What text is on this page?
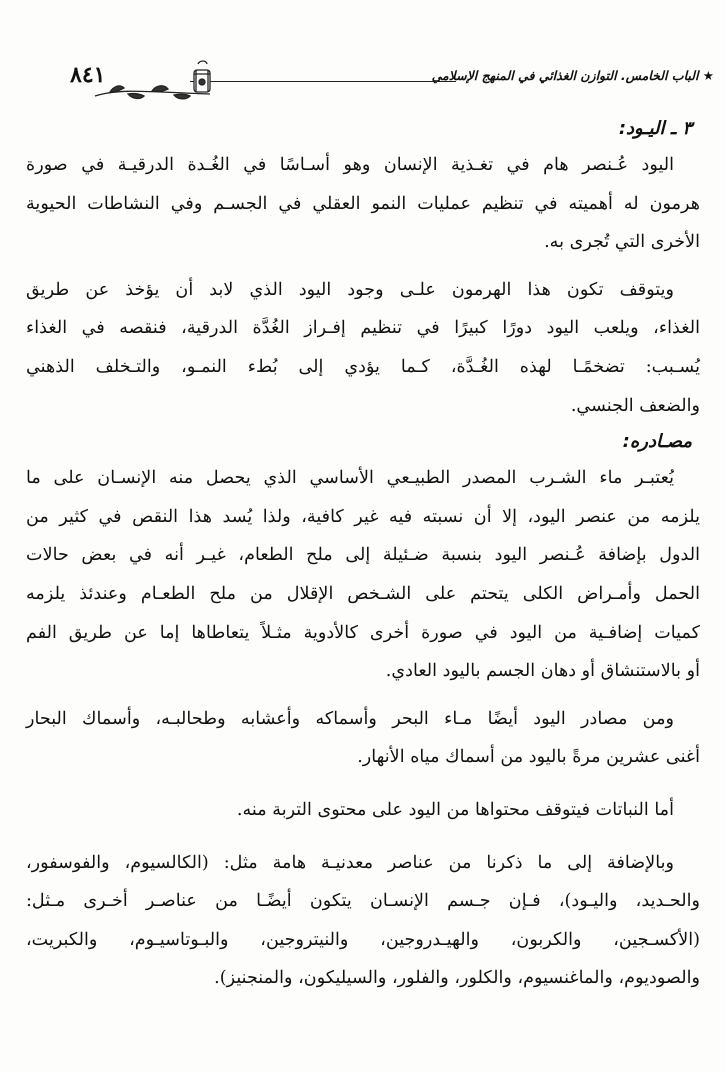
★ الباب الخامس. التوازن الغذائي في المنهج الإسلامي
٨٤١
٣ ـ اليـود:

اليود عُـنصر هام في تغـذية الإنسان وهو أسـاسًا في الغُـدة الدرقيـة في صورة
هرمون له أهميته في تنظيم عمليات النمو العقلي في الجسـم وفي النشاطات الحيوية
الأخرى التي تُجرى به.

ويتوقف تكون هذا الهرمون علـى وجود اليود الذي لابد أن يؤخذ عن طريق
الغذاء، ويلعب اليود دورًا كبيرًا في تنظيم إفـراز الغُدَّة الدرقية، فنقصه في الغذاء
يُسـبب: تضخمًـا لهذه الغُـدَّة، كـما يؤدي إلى بُطء النمـو، والتـخلف الذهني
والضعف الجنسي.

مصـادره:

يُعتبـر ماء الشـرب المصدر الطبيـعي الأساسي الذي يحصل منه الإنسـان على ما
يلزمه من عنصر اليود، إلا أن نسبته فيه غير كافية، ولذا يُسد هذا النقص في كثير من
الدول بإضافة عُـنصر اليود بنسبة ضـئيلة إلى ملح الطعام، غيـر أنه في بعض حالات
الحمل وأمـراض الكلى يتحتم على الشـخص الإقلال من ملح الطعـام وعندئذ يلزمه
كميات إضافـية من اليود في صورة أخرى كالأدوية مثـلاً يتعاطاها إما عن طريق الفم
أو بالاستنشاق أو دهان الجسم باليود العادي.

ومن مصادر اليود أيضًا مـاء البحر وأسماكه وأعشابه وطحالبـه، وأسماك البحار
أغنى عشرين مرةً باليود من أسماك مياه الأنهار.

أما النباتات فيتوقف محتواها من اليود على محتوى التربة منه.

وبالإضافة إلى ما ذكرنا من عناصر معدنيـة هامة مثل: (الكالسيوم، والفوسفور،
والحـديد، واليـود)، فـإن جـسم الإنسـان يتكون أيضًـا من عناصـر أخـرى مـثل:
(الأكسـجين، والكربون، والهيـدروجين، والنيتروجين، والبـوتاسيـوم، والكبريت،
والصوديوم، والماغنسيوم، والكلور، والفلور، والسيليكون، والمنجنيز).
